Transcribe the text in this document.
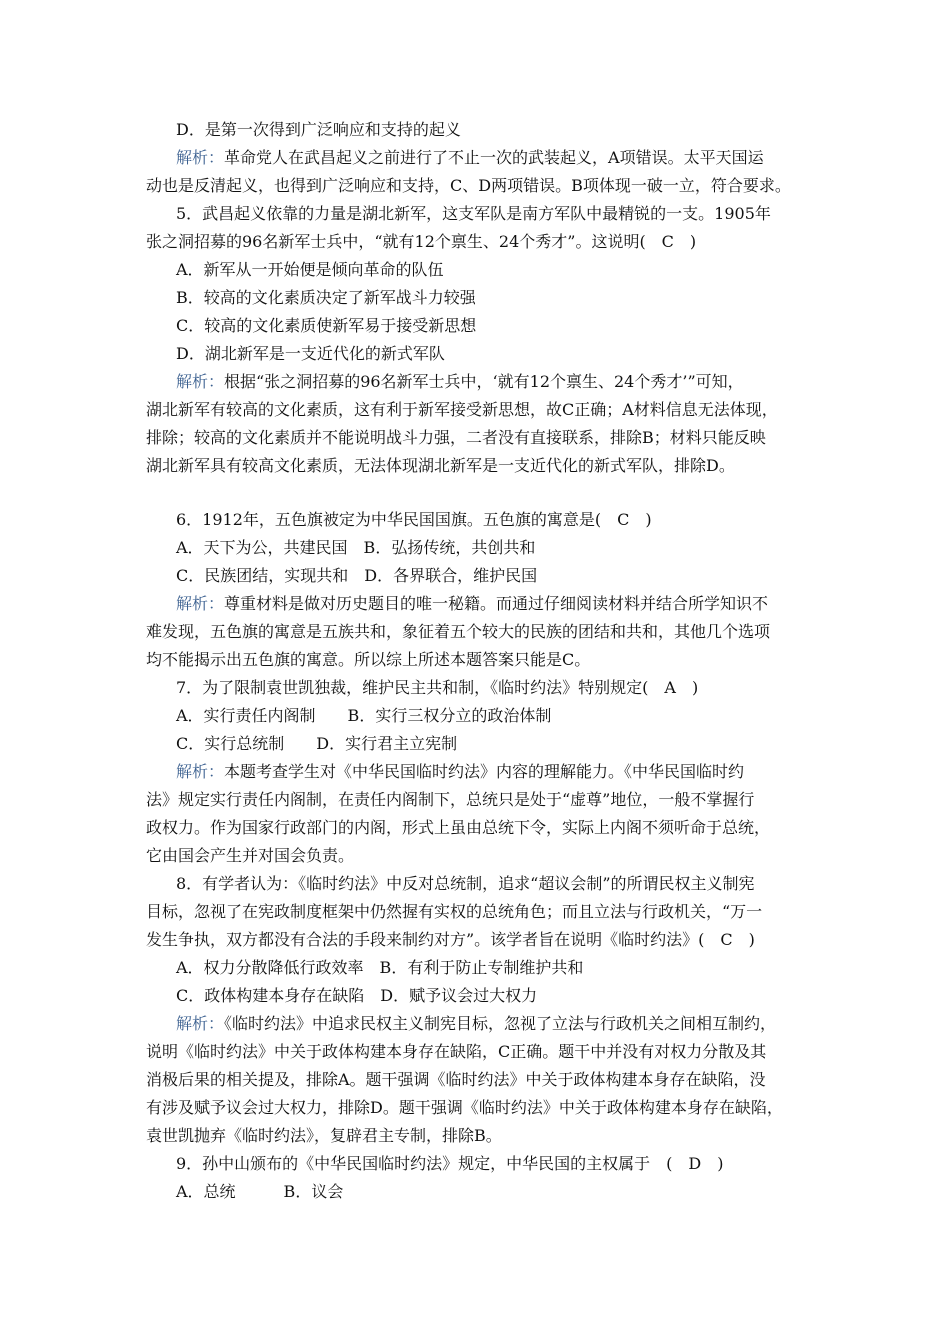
D．是第一次得到广泛响应和支持的起义
解析：革命党人在武昌起义之前进行了不止一次的武装起义，A项错误。太平天国运
动也是反清起义，也得到广泛响应和支持，C、D两项错误。B项体现一破一立，符合要求。
5．武昌起义依靠的力量是湖北新军，这支军队是南方军队中最精锐的一支。1905年
张之洞招募的96名新军士兵中，“就有12个禀生、24个秀才”。这说明(　C　)
A．新军从一开始便是倾向革命的队伍
B．较高的文化素质决定了新军战斗力较强
C．较高的文化素质使新军易于接受新思想
D．湖北新军是一支近代化的新式军队
解析：根据“张之洞招募的96名新军士兵中，‘就有12个禀生、24个秀才’”可知，
湖北新军有较高的文化素质，这有利于新军接受新思想，故C正确；A材料信息无法体现，
排除；较高的文化素质并不能说明战斗力强，二者没有直接联系，排除B；材料只能反映
湖北新军具有较高文化素质，无法体现湖北新军是一支近代化的新式军队，排除D。
6．1912年，五色旗被定为中华民国国旗。五色旗的寓意是(　C　)
A．天下为公，共建民国　B．弘扬传统，共创共和
C．民族团结，实现共和　D．各界联合，维护民国
解析：尊重材料是做对历史题目的唯一秘籍。而通过仔细阅读材料并结合所学知识不
难发现，五色旗的寓意是五族共和，象征着五个较大的民族的团结和共和，其他几个选项
均不能揭示出五色旗的寓意。所以综上所述本题答案只能是C。
7．为了限制袁世凯独裁，维护民主共和制，《临时约法》特别规定(　A　)
A．实行责任内阁制　　B．实行三权分立的政治体制
C．实行总统制　　D．实行君主立宪制
解析：本题考查学生对《中华民国临时约法》内容的理解能力。《中华民国临时约
法》规定实行责任内阁制，在责任内阁制下，总统只是处于“虚尊”地位，一般不掌握行
政权力。作为国家行政部门的内阁，形式上虽由总统下令，实际上内阁不须听命于总统，
它由国会产生并对国会负责。
8．有学者认为：《临时约法》中反对总统制，追求“超议会制”的所谓民权主义制宪
目标，忽视了在宪政制度框架中仍然握有实权的总统角色；而且立法与行政机关，“万一
发生争执，双方都没有合法的手段来制约对方”。该学者旨在说明《临时约法》(　C　)
A．权力分散降低行政效率　B．有利于防止专制维护共和
C．政体构建本身存在缺陷　D．赋予议会过大权力
解析：《临时约法》中追求民权主义制宪目标，忽视了立法与行政机关之间相互制约，
说明《临时约法》中关于政体构建本身存在缺陷，C正确。题干中并没有对权力分散及其
消极后果的相关提及，排除A。题干强调《临时约法》中关于政体构建本身存在缺陷，没
有涉及赋予议会过大权力，排除D。题干强调《临时约法》中关于政体构建本身存在缺陷，
袁世凯抛弃《临时约法》，复辟君主专制，排除B。
9．孙中山颁布的《中华民国临时约法》规定，中华民国的主权属于　(　D　)
A．总统　　　B．议会
